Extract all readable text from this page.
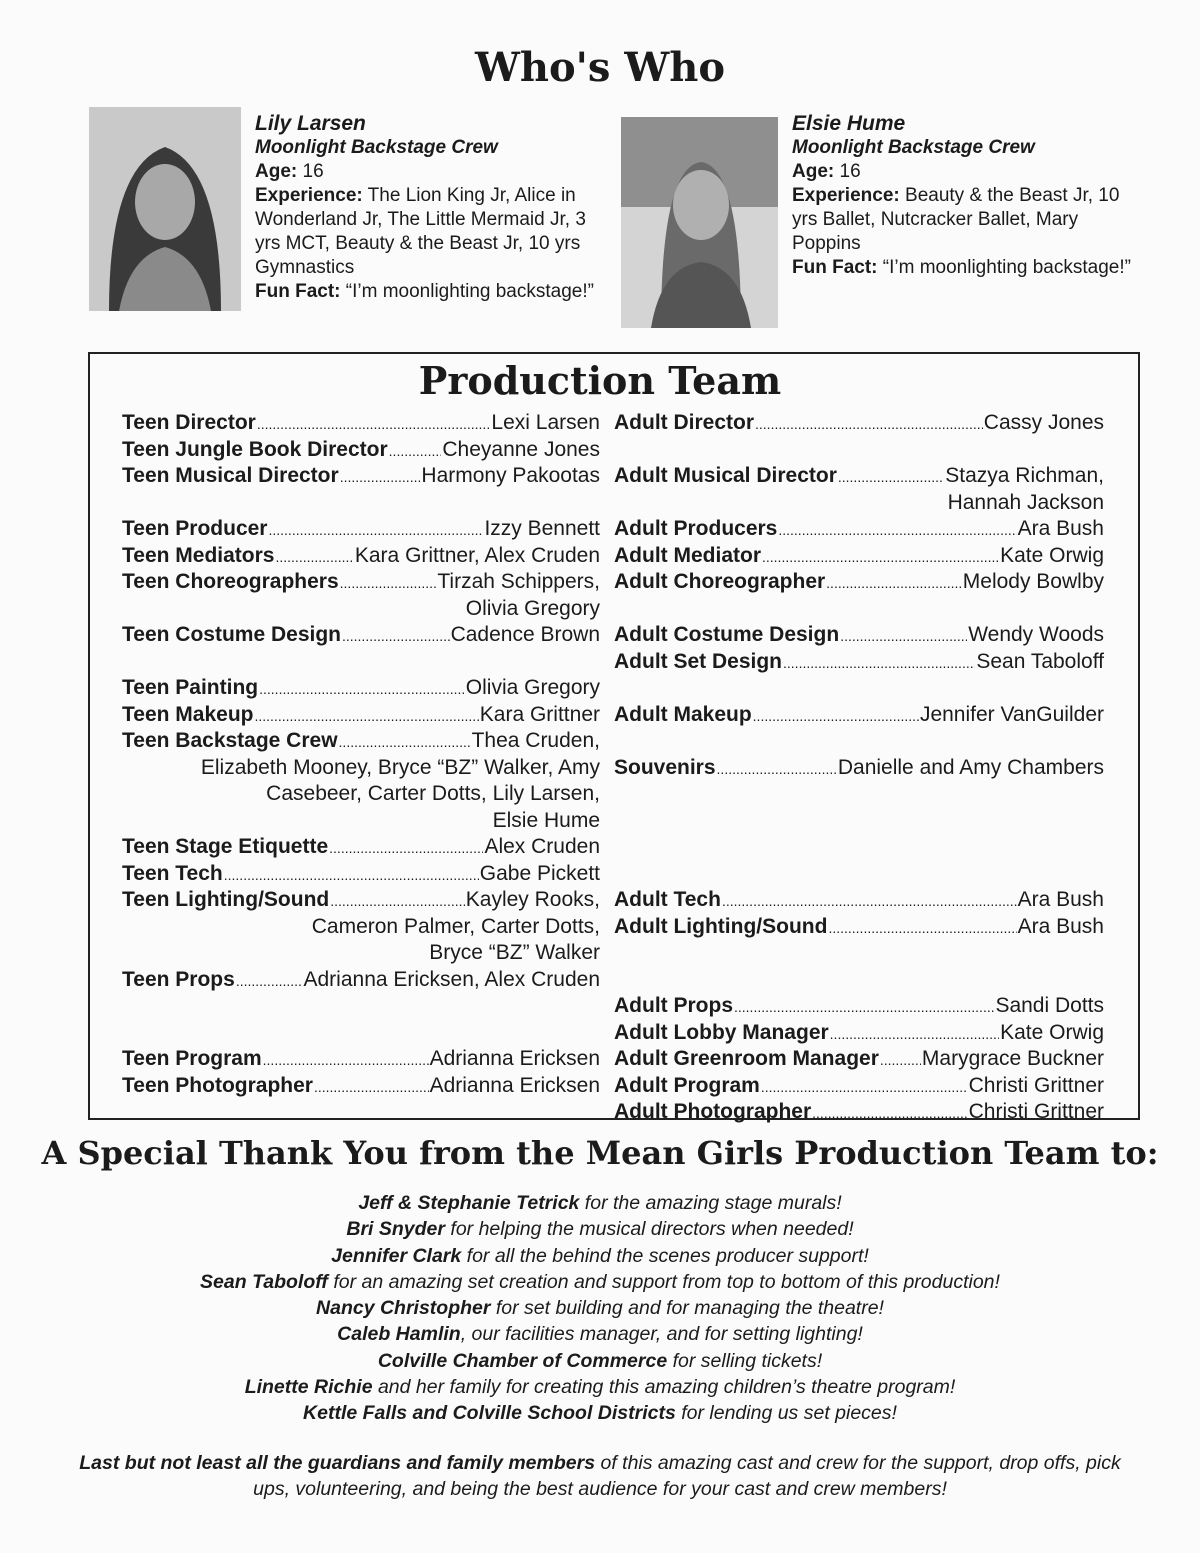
Who's Who
Lily Larsen
Moonlight Backstage Crew
Age: 16
Experience: The Lion King Jr, Alice in Wonderland Jr, The Little Mermaid Jr, 3 yrs MCT, Beauty & the Beast Jr, 10 yrs Gymnastics
Fun Fact: “I’m moonlighting backstage!”
Elsie Hume
Moonlight Backstage Crew
Age: 16
Experience: Beauty & the Beast Jr, 10 yrs Ballet, Nutcracker Ballet, Mary Poppins
Fun Fact: “I’m moonlighting backstage!”
Production Team
Teen Director .....	Lexi Larsen
Teen Jungle Book Director .....	Cheyanne Jones
Teen Musical Director .....	Harmony Pakootas
Teen Producer .....	Izzy Bennett
Teen Mediators .....	Kara Grittner, Alex Cruden
Teen Choreographers .....	Tirzah Schippers,
Olivia Gregory
Teen Costume Design .....	Cadence Brown
Teen Painting .....	Olivia Gregory
Teen Makeup .....	Kara Grittner
Teen Backstage Crew .....	Thea Cruden,
Elizabeth Mooney, Bryce “BZ” Walker, Amy
Casebeer, Carter Dotts, Lily Larsen,
Elsie Hume
Teen Stage Etiquette .....	Alex Cruden
Teen Tech .....	Gabe Pickett
Teen Lighting/Sound .....	Kayley Rooks,
Cameron Palmer, Carter Dotts,
Bryce “BZ” Walker
Teen Props .....	Adrianna Ericksen, Alex Cruden
Teen Program .....	Adrianna Ericksen
Teen Photographer .....	Adrianna Ericksen
Adult Director .....	Cassy Jones
Adult Musical Director .....	Stazya Richman,
Hannah Jackson
Adult Producers .....	Ara Bush
Adult Mediator .....	Kate Orwig
Adult Choreographer .....	Melody Bowlby
Adult Costume Design .....	Wendy Woods
Adult Set Design .....	Sean Taboloff
Adult Makeup .....	Jennifer VanGuilder
Souvenirs .....	Danielle and Amy Chambers
Adult Tech .....	Ara Bush
Adult Lighting/Sound .....	Ara Bush
Adult Props .....	Sandi Dotts
Adult Lobby Manager .....	Kate Orwig
Adult Greenroom Manager ..... Marygrace Buckner
Adult Program .....	Christi Grittner
Adult Photographer .....	Christi Grittner
A Special Thank You from the Mean Girls Production Team to:
Jeff & Stephanie Tetrick for the amazing stage murals!
Bri Snyder for helping the musical directors when needed!
Jennifer Clark for all the behind the scenes producer support!
Sean Taboloff for an amazing set creation and support from top to bottom of this production!
Nancy Christopher for set building and for managing the theatre!
Caleb Hamlin, our facilities manager, and for setting lighting!
Colville Chamber of Commerce for selling tickets!
Linette Richie and her family for creating this amazing children’s theatre program!
Kettle Falls and Colville School Districts for lending us set pieces!
Last but not least all the guardians and family members of this amazing cast and crew for the support, drop offs, pick ups, volunteering, and being the best audience for your cast and crew members!
